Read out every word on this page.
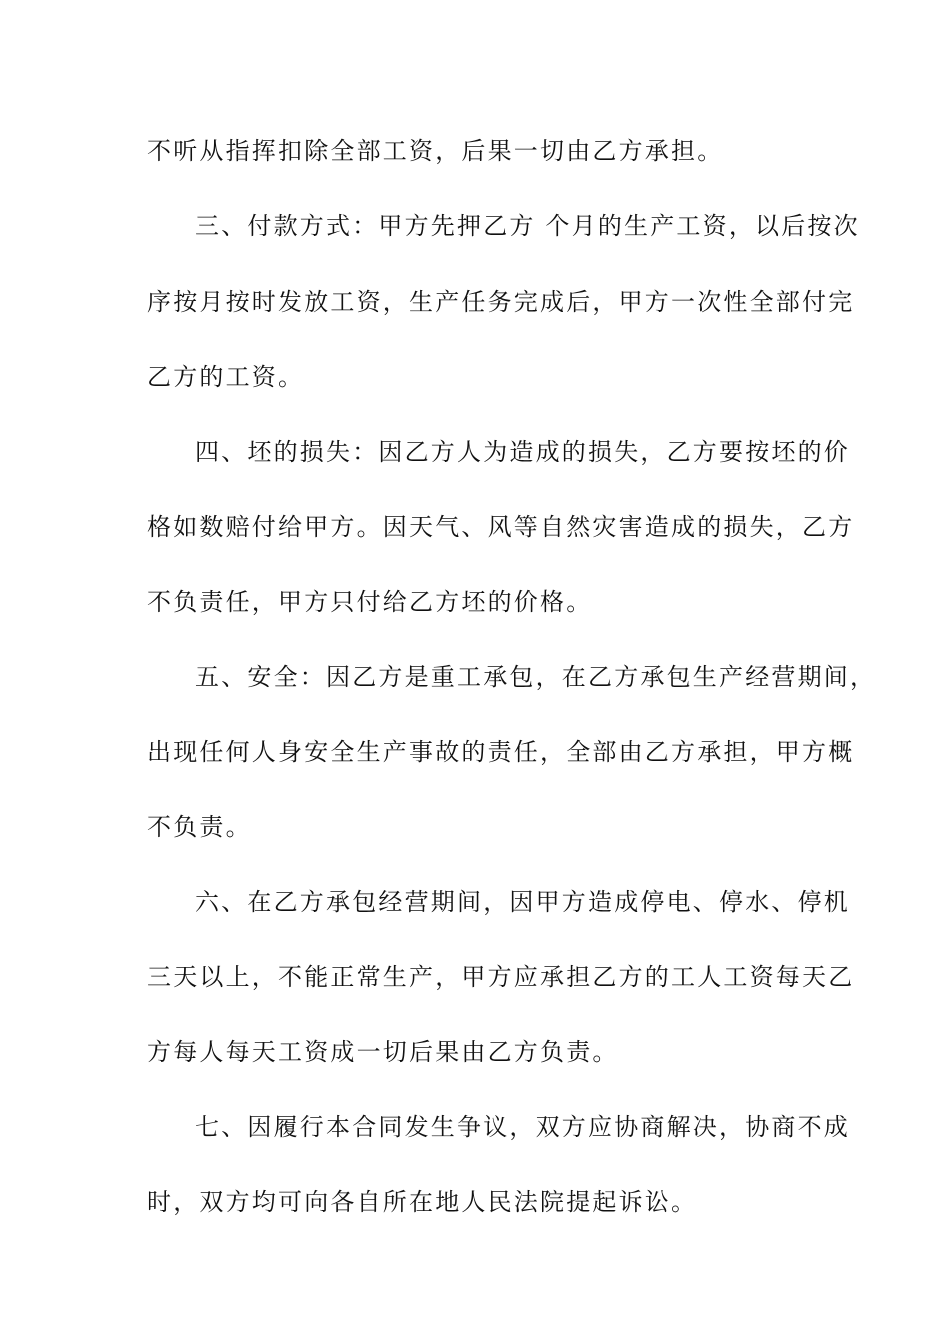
不听从指挥扣除全部工资，后果一切由乙方承担。
三、付款方式：甲方先押乙方 个月的生产工资，以后按次
序按月按时发放工资，生产任务完成后，甲方一次性全部付完
乙方的工资。
四、坯的损失：因乙方人为造成的损失，乙方要按坯的价
格如数赔付给甲方。因天气、风等自然灾害造成的损失，乙方
不负责任，甲方只付给乙方坯的价格。
五、安全：因乙方是重工承包，在乙方承包生产经营期间，
出现任何人身安全生产事故的责任，全部由乙方承担，甲方概
不负责。
六、在乙方承包经营期间，因甲方造成停电、停水、停机
三天以上，不能正常生产，甲方应承担乙方的工人工资每天乙
方每人每天工资成一切后果由乙方负责。
七、因履行本合同发生争议，双方应协商解决，协商不成
时，双方均可向各自所在地人民法院提起诉讼。
